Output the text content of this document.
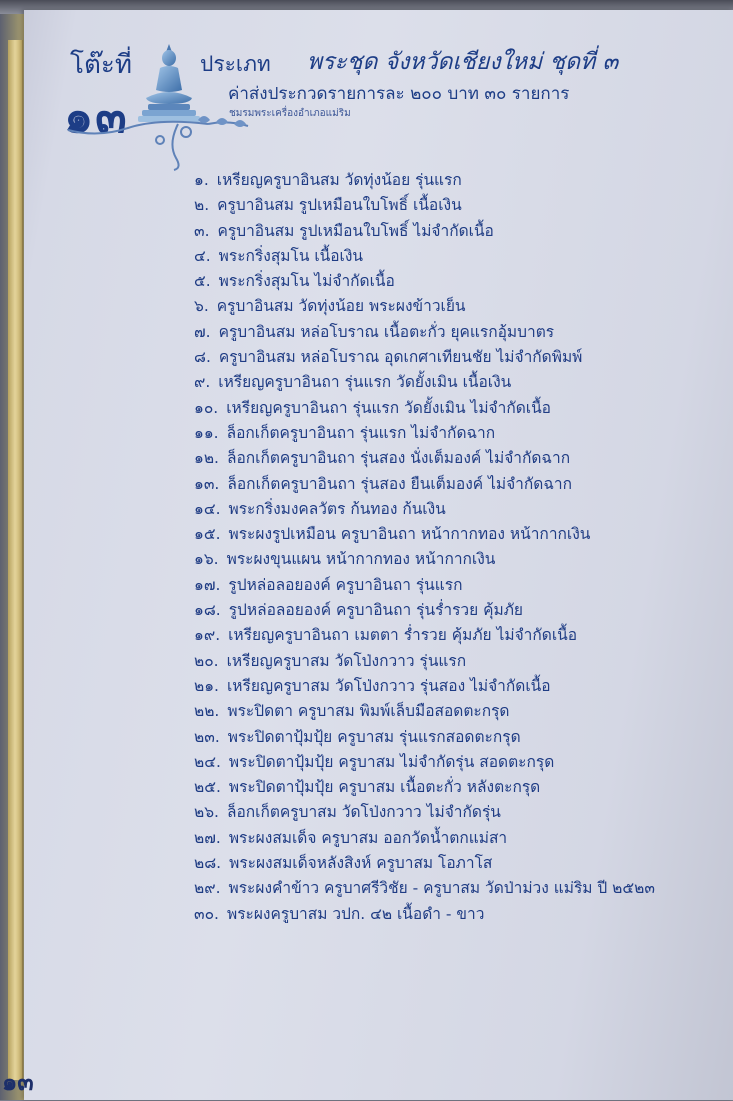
โต๊ะที่
๑๓
ประเภท พระชุด จังหวัดเชียงใหม่ ชุดที่ ๓
ค่าส่งประกวดรายการละ ๒๐๐ บาท ๓๐ รายการ
ชมรมพระเครื่องอำเภอแม่ริม
๑. เหรียญครูบาอินสม วัดทุ่งน้อย รุ่นแรก
๒. ครูบาอินสม รูปเหมือนใบโพธิ์ เนื้อเงิน
๓. ครูบาอินสม รูปเหมือนใบโพธิ์ ไม่จำกัดเนื้อ
๔. พระกริ่งสุมโน เนื้อเงิน
๕. พระกริ่งสุมโน ไม่จำกัดเนื้อ
๖. ครูบาอินสม วัดทุ่งน้อย พระผงข้าวเย็น
๗. ครูบาอินสม หล่อโบราณ เนื้อตะกั่ว ยุคแรกอุ้มบาตร
๘. ครูบาอินสม หล่อโบราณ อุดเกศาเทียนชัย ไม่จำกัดพิมพ์
๙. เหรียญครูบาอินถา รุ่นแรก วัดยั้งเมิน เนื้อเงิน
๑๐. เหรียญครูบาอินถา รุ่นแรก วัดยั้งเมิน ไม่จำกัดเนื้อ
๑๑. ล็อกเก็ตครูบาอินถา รุ่นแรก ไม่จำกัดฉาก
๑๒. ล็อกเก็ตครูบาอินถา รุ่นสอง นั่งเต็มองค์ ไม่จำกัดฉาก
๑๓. ล็อกเก็ตครูบาอินถา รุ่นสอง ยืนเต็มองค์ ไม่จำกัดฉาก
๑๔. พระกริ่งมงคลวัตร ก้นทอง ก้นเงิน
๑๕. พระผงรูปเหมือน ครูบาอินถา หน้ากากทอง หน้ากากเงิน
๑๖. พระผงขุนแผน หน้ากากทอง หน้ากากเงิน
๑๗. รูปหล่อลอยองค์ ครูบาอินถา รุ่นแรก
๑๘. รูปหล่อลอยองค์ ครูบาอินถา รุ่นร่ำรวย คุ้มภัย
๑๙. เหรียญครูบาอินถา เมตตา ร่ำรวย คุ้มภัย ไม่จำกัดเนื้อ
๒๐. เหรียญครูบาสม วัดโป่งกวาว รุ่นแรก
๒๑. เหรียญครูบาสม วัดโป่งกวาว รุ่นสอง ไม่จำกัดเนื้อ
๒๒. พระปิดตา ครูบาสม พิมพ์เล็บมือสอดตะกรุด
๒๓. พระปิดตาปุ้มปุ้ย ครูบาสม รุ่นแรกสอดตะกรุด
๒๔. พระปิดตาปุ้มปุ้ย ครูบาสม ไม่จำกัดรุ่น สอดตะกรุด
๒๕. พระปิดตาปุ้มปุ้ย ครูบาสม เนื้อตะกั่ว หลังตะกรุด
๒๖. ล็อกเก็ตครูบาสม วัดโป่งกวาว ไม่จำกัดรุ่น
๒๗. พระผงสมเด็จ ครูบาสม ออกวัดน้ำตกแม่สา
๒๘. พระผงสมเด็จหลังสิงห์ ครูบาสม โอภาโส
๒๙. พระผงคำข้าว ครูบาศรีวิชัย - ครูบาสม วัดป่าม่วง แม่ริม ปี ๒๕๒๓
๓๐. พระผงครูบาสม วปก. ๔๒ เนื้อดำ - ขาว
๑๓
